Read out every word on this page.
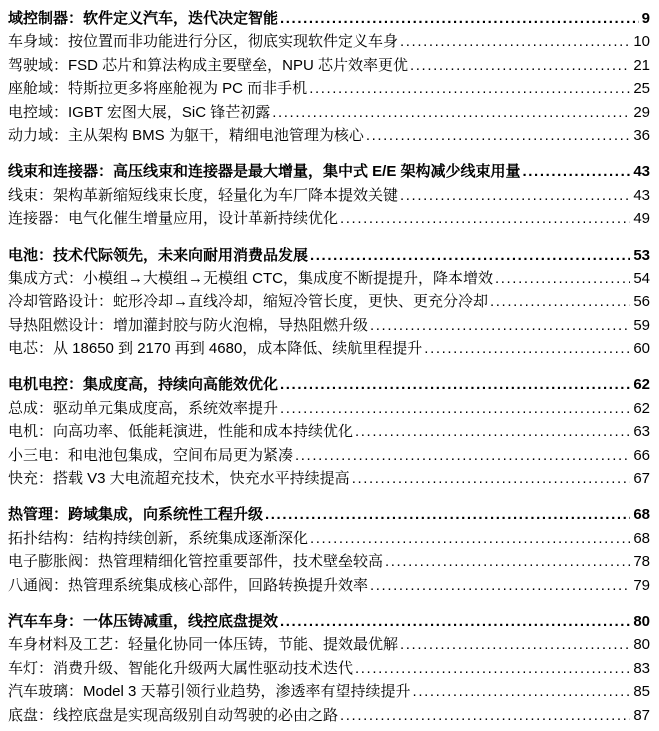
域控制器：软件定义汽车，迭代决定智能 .....	9
车身域：按位置而非功能进行分区，彻底实现软件定义车身 .....	10
驾驶域：FSD 芯片和算法构成主要壁垒，NPU 芯片效率更优 .....	21
座舱域：特斯拉更多将座舱视为 PC 而非手机 .....	25
电控域：IGBT 宏图大展，SiC 锋芒初露 .....	29
动力域：主从架构 BMS 为躯干，精细电池管理为核心 .....	36
线束和连接器：高压线束和连接器是最大增量，集中式 E/E 架构减少线束用量 .....	43
线束：架构革新缩短线束长度，轻量化为车厂降本提效关键 .....	43
连接器：电气化催生增量应用，设计革新持续优化 .....	49
电池：技术代际领先，未来向耐用消费品发展 .....	53
集成方式：小模组→大模组→无模组 CTC，集成度不断提提升，降本增效 .....	54
冷却管路设计：蛇形冷却→直线冷却，缩短冷管长度，更快、更充分冷却 .....	56
导热阻燃设计：增加灌封胶与防火泡棉，导热阻燃升级 .....	59
电芯：从 18650 到 2170 再到 4680，成本降低、续航里程提升 .....	60
电机电控：集成度高，持续向高能效优化 .....	62
总成：驱动单元集成度高，系统效率提升 .....	62
电机：向高功率、低能耗演进，性能和成本持续优化 .....	63
小三电：和电池包集成，空间布局更为紧凑 .....	66
快充：搭载 V3 大电流超充技术，快充水平持续提高 .....	67
热管理：跨域集成，向系统性工程升级 .....	68
拓扑结构：结构持续创新，系统集成逐渐深化 .....	68
电子膨胀阀：热管理精细化管控重要部件，技术壁垒较高 .....	78
八通阀：热管理系统集成核心部件，回路转换提升效率 .....	79
汽车车身：一体压铸减重，线控底盘提效 .....	80
车身材料及工艺：轻量化协同一体压铸，节能、提效最优解 .....	80
车灯：消费升级、智能化升级两大属性驱动技术迭代 .....	83
汽车玻璃：Model 3 天幕引领行业趋势，渗透率有望持续提升 .....	85
底盘：线控底盘是实现高级别自动驾驶的必由之路 .....	87
